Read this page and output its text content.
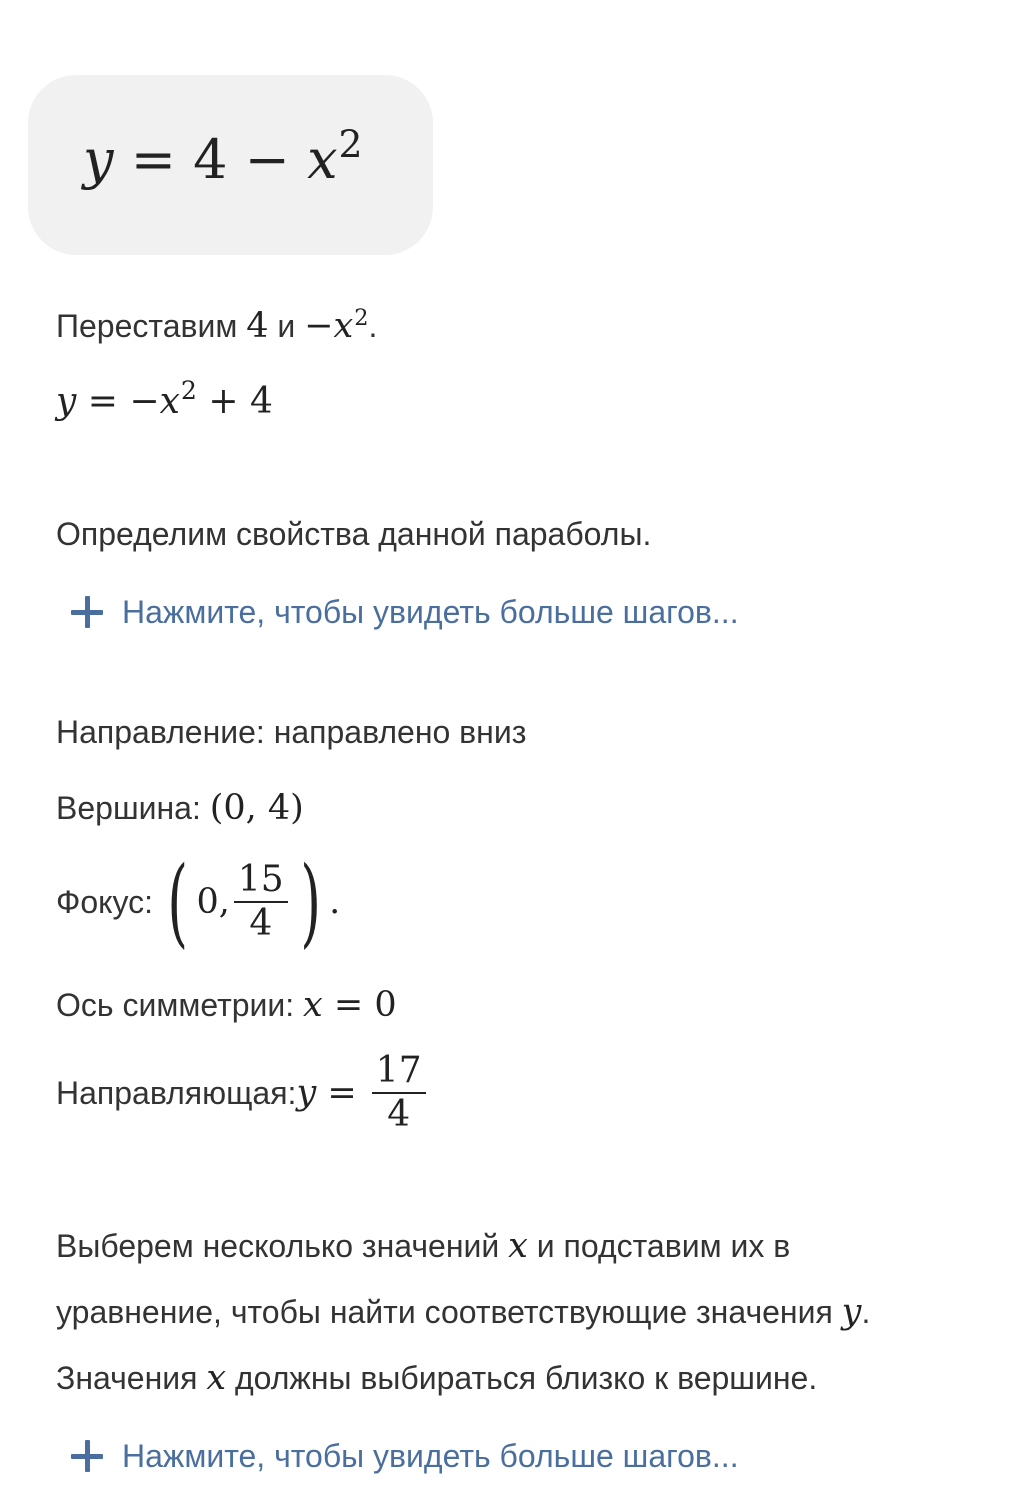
$y = 4 - x^2$
Переставим 4 $и -x^2$.
$y = -x^2 + 4$
Определим свойства данной параболы.
Нажмите, чтобы увидеть больше шагов...
Направление: направлено вниз
Вершина: (0, 4)
Фокус: ( 0, $\frac{15}{4}$ ) .
Ось симметрии: x = 0
Направляющая: $y = \frac{17}{4}$
Выберем несколько значений x и подставим их в
уравнение, чтобы найти соответствующие значения y.
Значения x должны выбираться близко к вершине.
Нажмите, чтобы увидеть больше шагов...
